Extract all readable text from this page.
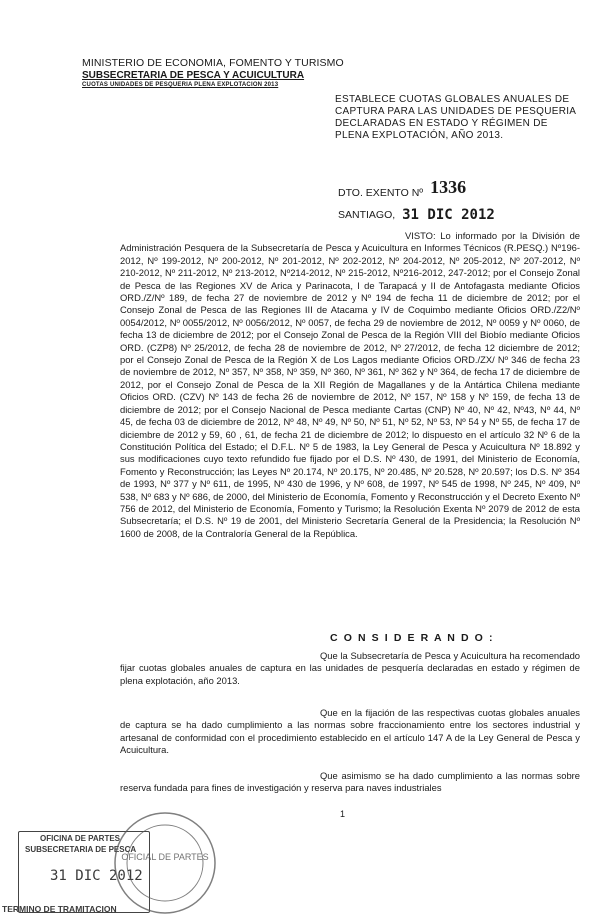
MINISTERIO DE ECONOMIA, FOMENTO Y TURISMO
SUBSECRETARIA DE PESCA Y ACUICULTURA
CUOTAS UNIDADES DE PESQUERIA PLENA EXPLOTACION 2013
ESTABLECE CUOTAS GLOBALES ANUALES DE CAPTURA PARA LAS UNIDADES DE PESQUERIA DECLARADAS EN ESTADO Y RÉGIMEN DE PLENA EXPLOTACIÓN, AÑO 2013.
DTO. EXENTO Nº 1336
SANTIAGO, 31 DIC 2012
VISTO: Lo informado por la División de Administración Pesquera de la Subsecretaría de Pesca y Acuicultura en Informes Técnicos (R.PESQ.) Nº196-2012, Nº 199-2012, Nº 200-2012, Nº 201-2012, Nº 202-2012, Nº 204-2012, Nº 205-2012, Nº 207-2012, Nº 210-2012, Nº 211-2012, Nº 213-2012, Nº214-2012, Nº 215-2012, Nº216-2012, 247-2012; por el Consejo Zonal de Pesca de las Regiones XV de Arica y Parinacota, I de Tarapacá y II de Antofagasta mediante Oficios ORD./Z/Nº 189, de fecha 27 de noviembre de 2012 y Nº 194 de fecha 11 de diciembre de 2012; por el Consejo Zonal de Pesca de las Regiones III de Atacama y IV de Coquimbo mediante Oficios ORD./Z2/Nº 0054/2012, Nº 0055/2012, Nº 0056/2012, Nº 0057, de fecha 29 de noviembre de 2012, Nº 0059 y Nº 0060, de fecha 13 de diciembre de 2012; por el Consejo Zonal de Pesca de la Región VIII del Biobío mediante Oficios ORD. (CZP8) Nº 25/2012, de fecha 28 de noviembre de 2012, Nº 27/2012, de fecha 12 diciembre de 2012; por el Consejo Zonal de Pesca de la Región X de Los Lagos mediante Oficios ORD./ZX/ Nº 346 de fecha 23 de noviembre de 2012, Nº 357, Nº 358, Nº 359, Nº 360, Nº 361, Nº 362 y Nº 364, de fecha 17 de diciembre de 2012, por el Consejo Zonal de Pesca de la XII Región de Magallanes y de la Antártica Chilena mediante Oficios ORD. (CZV) Nº 143 de fecha 26 de noviembre de 2012, Nº 157, Nº 158 y Nº 159, de fecha 13 de diciembre de 2012; por el Consejo Nacional de Pesca mediante Cartas (CNP) Nº 40, Nº 42, Nº43, Nº 44, Nº 45, de fecha 03 de diciembre de 2012, Nº 48, Nº 49, Nº 50, Nº 51, Nº 52, Nº 53, Nº 54 y Nº 55, de fecha 17 de diciembre de 2012 y 59, 60 , 61, de fecha 21 de diciembre de 2012; lo dispuesto en el artículo 32 Nº 6 de la Constitución Política del Estado; el D.F.L. Nº 5 de 1983, la Ley General de Pesca y Acuicultura Nº 18.892 y sus modificaciones cuyo texto refundido fue fijado por el D.S. Nº 430, de 1991, del Ministerio de Economía, Fomento y Reconstrucción; las Leyes Nº 20.174, Nº 20.175, Nº 20.485, Nº 20.528, Nº 20.597; los D.S. Nº 354 de 1993, Nº 377 y Nº 611, de 1995, Nº 430 de 1996, y Nº 608, de 1997, Nº 545 de 1998, Nº 245, Nº 409, Nº 538, Nº 683 y Nº 686, de 2000, del Ministerio de Economía, Fomento y Reconstrucción y el Decreto Exento Nº 756 de 2012, del Ministerio de Economía, Fomento y Turismo; la Resolución Exenta Nº 2079 de 2012 de esta Subsecretaría; el D.S. Nº 19 de 2001, del Ministerio Secretaría General de la Presidencia; la Resolución Nº 1600 de 2008, de la Contraloría General de la República.
C O N S I D E R A N D O :
Que la Subsecretaría de Pesca y Acuicultura ha recomendado fijar cuotas globales anuales de captura en las unidades de pesquería declaradas en estado y régimen de plena explotación, año 2013.
Que en la fijación de las respectivas cuotas globales anuales de captura se ha dado cumplimiento a las normas sobre fraccionamiento entre los sectores industrial y artesanal de conformidad con el procedimiento establecido en el artículo 147 A de la Ley General de Pesca y Acuicultura.
Que asimismo se ha dado cumplimiento a las normas sobre reserva fundada para fines de investigación y reserva para naves industriales
1
OFICINA DE PARTES
SUBSECRETARIA DE PESCA
31 DIC 2012
TERMINO DE TRAMITACION
OFICIAL DE PARTES
